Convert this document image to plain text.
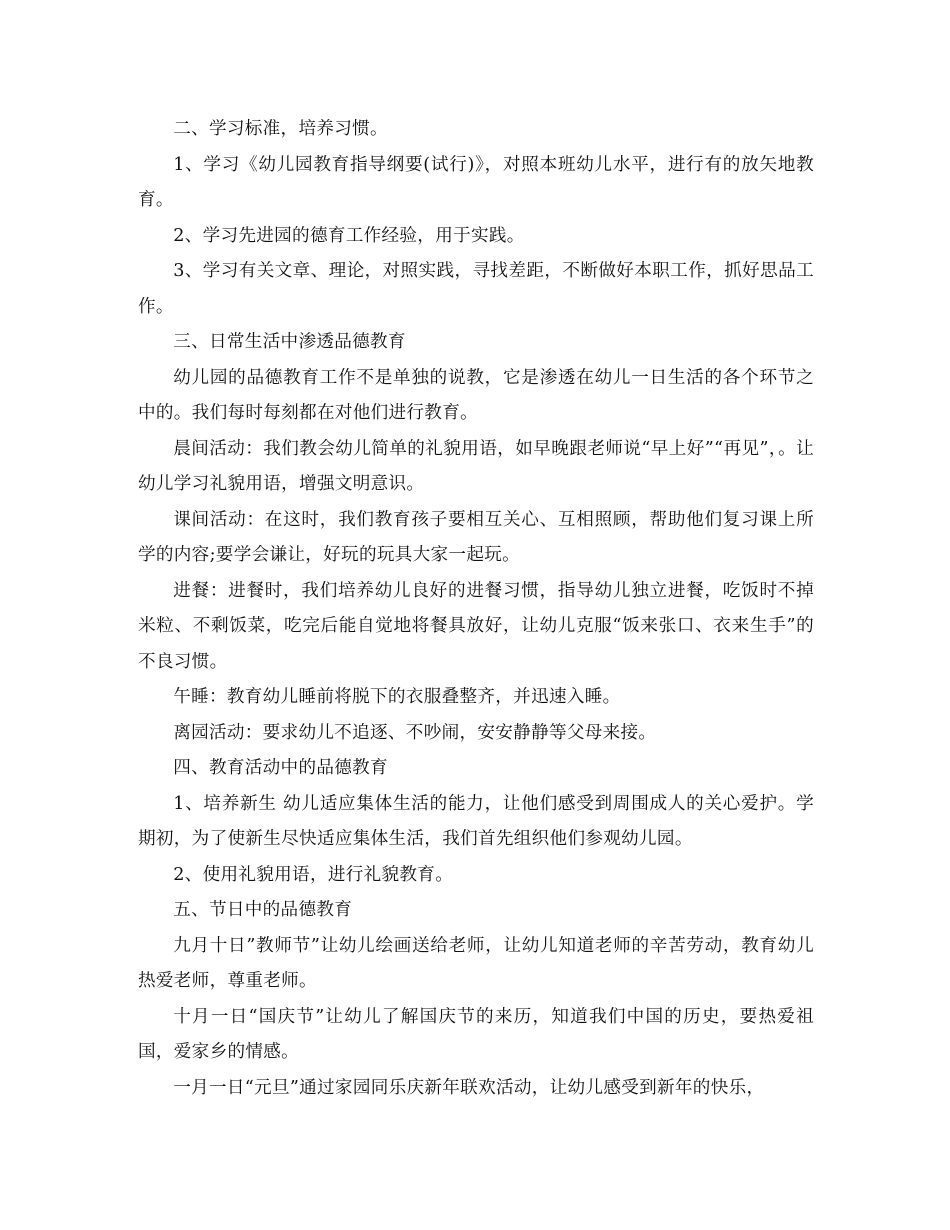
二、学习标准，培养习惯。

1、学习《幼儿园教育指导纲要(试行)》，对照本班幼儿水平，进行有的放矢地教育。

2、学习先进园的德育工作经验，用于实践。

3、学习有关文章、理论，对照实践，寻找差距，不断做好本职工作，抓好思品工作。

三、日常生活中渗透品德教育

幼儿园的品德教育工作不是单独的说教，它是渗透在幼儿一日生活的各个环节之中的。我们每时每刻都在对他们进行教育。

晨间活动：我们教会幼儿简单的礼貌用语，如早晚跟老师说“早上好”“再见”，。让幼儿学习礼貌用语，增强文明意识。

课间活动：在这时，我们教育孩子要相互关心、互相照顾，帮助他们复习课上所学的内容;要学会谦让，好玩的玩具大家一起玩。

进餐：进餐时，我们培养幼儿良好的进餐习惯，指导幼儿独立进餐，吃饭时不掉米粒、不剩饭菜，吃完后能自觉地将餐具放好，让幼儿克服“饭来张口、衣来生手”的不良习惯。

午睡：教育幼儿睡前将脱下的衣服叠整齐，并迅速入睡。

离园活动：要求幼儿不追逐、不吵闹，安安静静等父母来接。

四、教育活动中的品德教育

1、培养新生 幼儿适应集体生活的能力，让他们感受到周围成人的关心爱护。学期初，为了使新生尽快适应集体生活，我们首先组织他们参观幼儿园。

2、使用礼貌用语，进行礼貌教育。

五、节日中的品德教育

九月十日”教师节”让幼儿绘画送给老师，让幼儿知道老师的辛苦劳动，教育幼儿热爱老师，尊重老师。

十月一日“国庆节”让幼儿了解国庆节的来历，知道我们中国的历史，要热爱祖国，爱家乡的情感。

一月一日“元旦”通过家园同乐庆新年联欢活动，让幼儿感受到新年的快乐，
